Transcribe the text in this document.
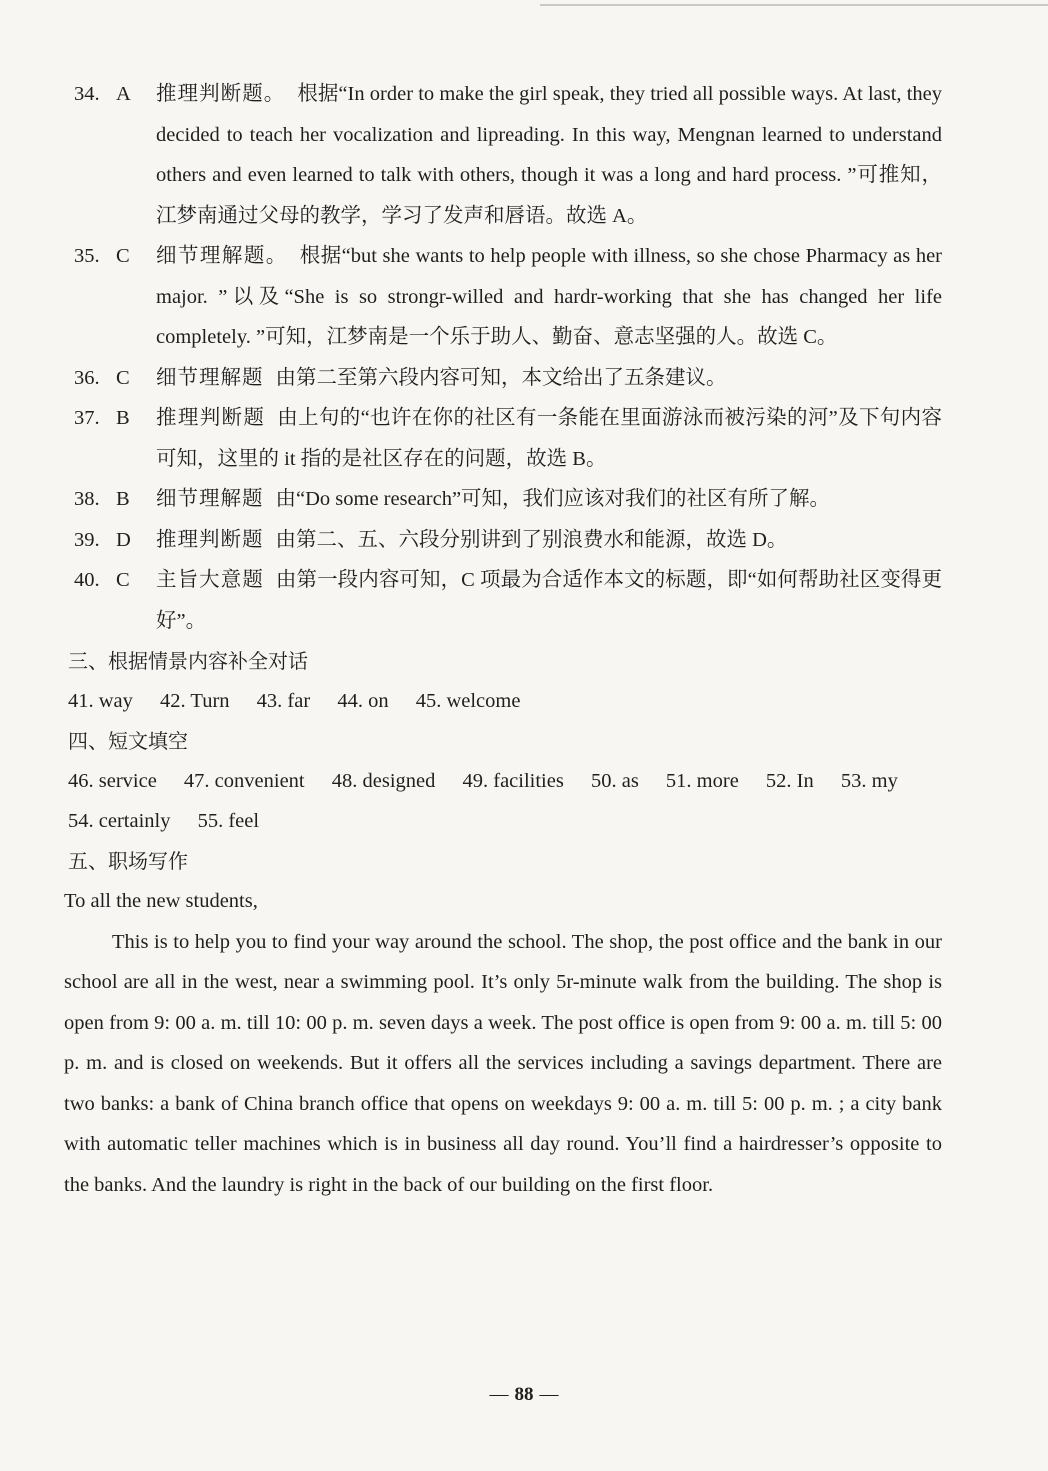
34. A	推理判断题。 根据“In order to make the girl speak, they tried all possible ways. At last, they decided to teach her vocalization and lipreading. In this way, Mengnan learned to understand others and even learned to talk with others, though it was a long and hard process. ”可推知，江梦南通过父母的教学，学习了发声和唇语。故选 A。
35. C	细节理解题。 根据“but she wants to help people with illness, so she chose Pharmacy as her major. ”以及“She is so strongr-willed and hardr-working that she has changed her life completely. ”可知，江梦南是一个乐于助人、勤奋、意志坚强的人。故选 C。
36. C	细节理解题 由第二至第六段内容可知，本文给出了五条建议。
37. B	推理判断题 由上句的“也许在你的社区有一条能在里面游泳而被污染的河”及下句内容可知，这里的 it 指的是社区存在的问题，故选 B。
38. B	细节理解题 由“Do some research”可知，我们应该对我们的社区有所了解。
39. D	推理判断题 由第二、五、六段分别讲到了别浪费水和能源，故选 D。
40. C	主旨大意题 由第一段内容可知，C 项最为合适作本文的标题，即“如何帮助社区变得更好”。
三、根据情景内容补全对话
41. way 42. Turn 43. far 44. on 45. welcome
四、短文填空
46. service 47. convenient 48. designed 49. facilities 50. as 51. more 52. In 53. my
54. certainly 55. feel
五、职场写作
To all the new students,

This is to help you to find your way around the school. The shop, the post office and the bank in our school are all in the west, near a swimming pool. It’s only 5r-minute walk from the building. The shop is open from 9: 00 a. m. till 10: 00 p. m. seven days a week. The post office is open from 9: 00 a. m. till 5: 00 p. m. and is closed on weekends. But it offers all the services including a savings department. There are two banks: a bank of China branch office that opens on weekdays 9: 00 a. m. till 5: 00 p. m. ; a city bank with automatic teller machines which is in business all day round. You’ll find a hairdresser’s opposite to the banks. And the laundry is right in the back of our building on the first floor.

— 88 —
